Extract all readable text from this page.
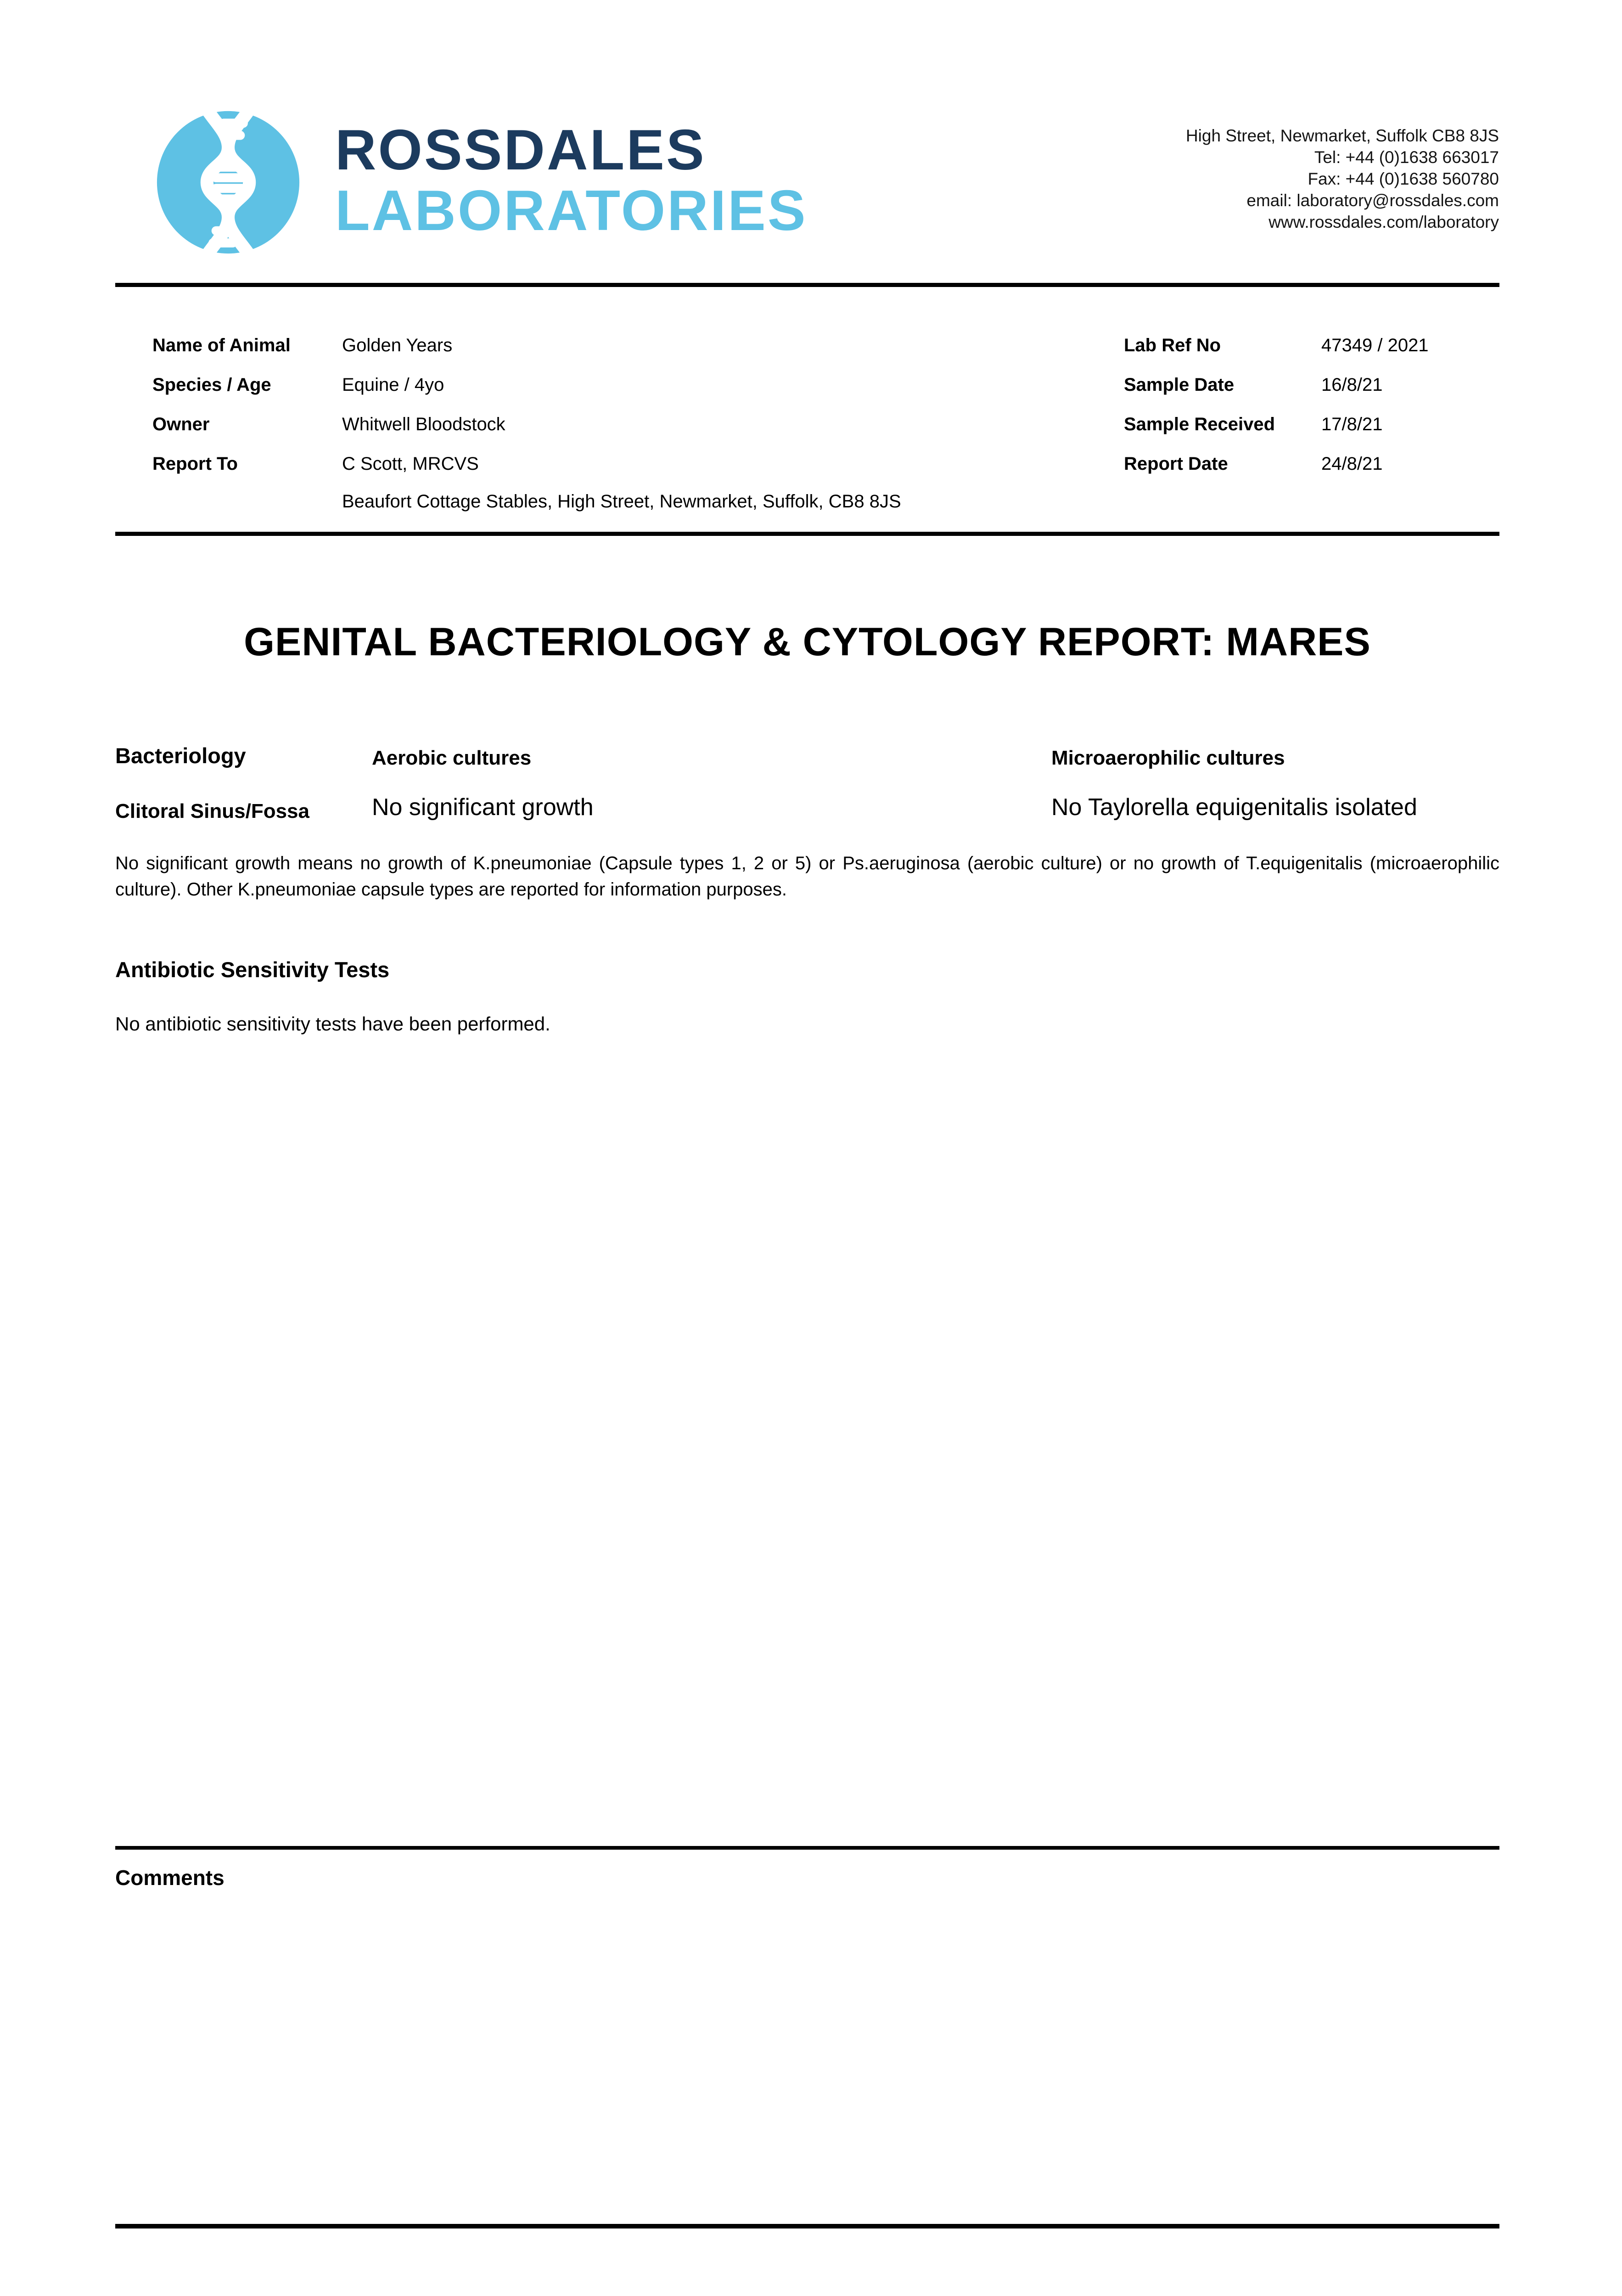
ROSSDALES
LABORATORIES
High Street, Newmarket, Suffolk CB8 8JS
Tel: +44 (0)1638 663017
Fax: +44 (0)1638 560780
email: laboratory@rossdales.com
www.rossdales.com/laboratory
Name of Animal	Golden Years
Species / Age	Equine / 4yo
Owner	Whitwell Bloodstock
Report To	C Scott, MRCVS
Beaufort Cottage Stables, High Street, Newmarket, Suffolk, CB8 8JS
Lab Ref No	47349 / 2021
Sample Date	16/8/21
Sample Received	17/8/21
Report Date	24/8/21
GENITAL BACTERIOLOGY & CYTOLOGY REPORT: MARES
Bacteriology	Aerobic cultures	Microaerophilic cultures
Clitoral Sinus/Fossa	No significant growth	No Taylorella equigenitalis isolated
No significant growth means no growth of K.pneumoniae (Capsule types 1, 2 or 5) or Ps.aeruginosa (aerobic culture) or no growth of T.equigenitalis (microaerophilic culture). Other K.pneumoniae capsule types are reported for information purposes.
Antibiotic Sensitivity Tests
No antibiotic sensitivity tests have been performed.
Comments
